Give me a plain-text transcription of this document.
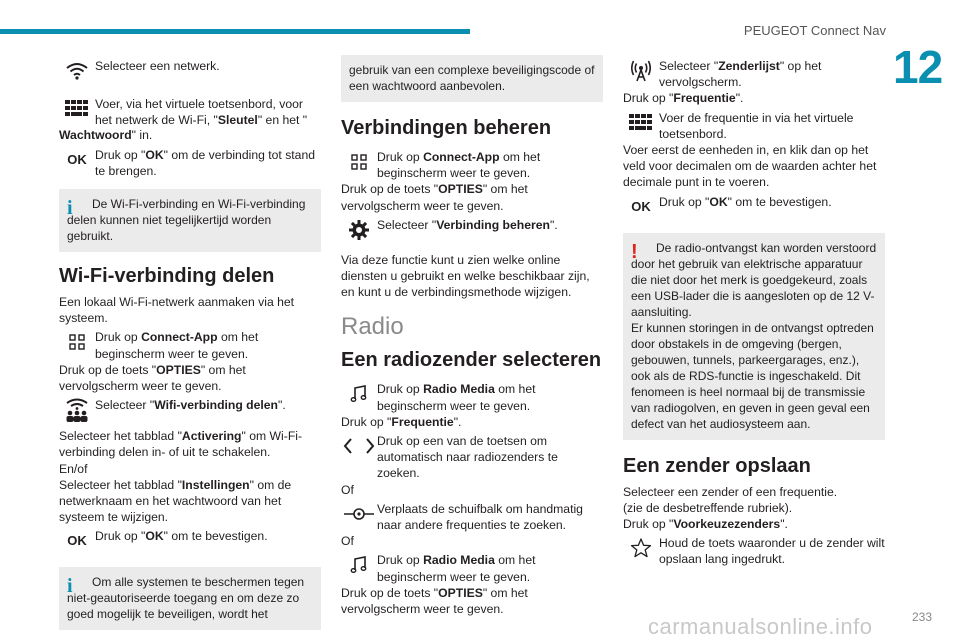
PEUGEOT Connect Nav
12
Selecteer een netwerk.
Voer, via het virtuele toetsenbord, voor het netwerk de Wi-Fi, "Sleutel" en het "

Wachtwoord" in.

OK Druk op "OK" om de verbinding tot stand te brengen.
i De Wi-Fi-verbinding en Wi-Fi-verbinding delen kunnen niet tegelijkertijd worden gebruikt.
Wi-Fi-verbinding delen

Een lokaal Wi-Fi-netwerk aanmaken via het systeem.

Druk op Connect-App om het beginscherm weer te geven.

Druk op de toets "OPTIES" om het vervolgscherm weer te geven.

Selecteer "Wifi-verbinding delen".

Selecteer het tabblad "Activering" om Wi-Fi-verbinding delen in- of uit te schakelen.

En/of

Selecteer het tabblad "Instellingen" om de netwerknaam en het wachtwoord van het systeem te wijzigen.

OK Druk op "OK" om te bevestigen.
i Om alle systemen te beschermen tegen niet-geautoriseerde toegang en om deze zo goed mogelijk te beveiligen, wordt het
gebruik van een complexe beveiligingscode of een wachtwoord aanbevolen.
Verbindingen beheren
Druk op Connect-App om het beginscherm weer te geven.

Druk op de toets "OPTIES" om het vervolgscherm weer te geven.

Selecteer "Verbinding beheren".

Via deze functie kunt u zien welke online diensten u gebruikt en welke beschikbaar zijn, en kunt u de verbindingsmethode wijzigen.

Radio
Een radiozender selecteren
Druk op Radio Media om het beginscherm weer te geven.

Druk op "Frequentie".

Druk op een van de toetsen om automatisch naar radiozenders te zoeken.

Of

Verplaats de schuifbalk om handmatig naar andere frequenties te zoeken.

Of

Druk op Radio Media om het beginscherm weer te geven.

Druk op de toets "OPTIES" om het vervolgscherm weer te geven.

Selecteer "Zenderlijst" op het vervolgscherm.

Druk op "Frequentie".

Voer de frequentie in via het virtuele toetsenbord.

Voer eerst de eenheden in, en klik dan op het veld voor decimalen om de waarden achter het decimale punt in te voeren.

OK Druk op "OK" om te bevestigen.
! De radio-ontvangst kan worden verstoord door het gebruik van elektrische apparatuur die niet door het merk is goedgekeurd, zoals een USB-lader die is aangesloten op de 12 V-aansluiting.
Er kunnen storingen in de ontvangst optreden door obstakels in de omgeving (bergen, gebouwen, tunnels, parkeergarages, enz.), ook als de RDS-functie is ingeschakeld. Dit fenomeen is heel normaal bij de transmissie van radiogolven, en geven in geen geval een defect van het audiosysteem aan.
Een zender opslaan

Selecteer een zender of een frequentie.

(zie de desbetreffende rubriek).

Druk op "Voorkeuzezenders".

Houd de toets waaronder u de zender wilt opslaan lang ingedrukt.
carmanualsonline.info	233
